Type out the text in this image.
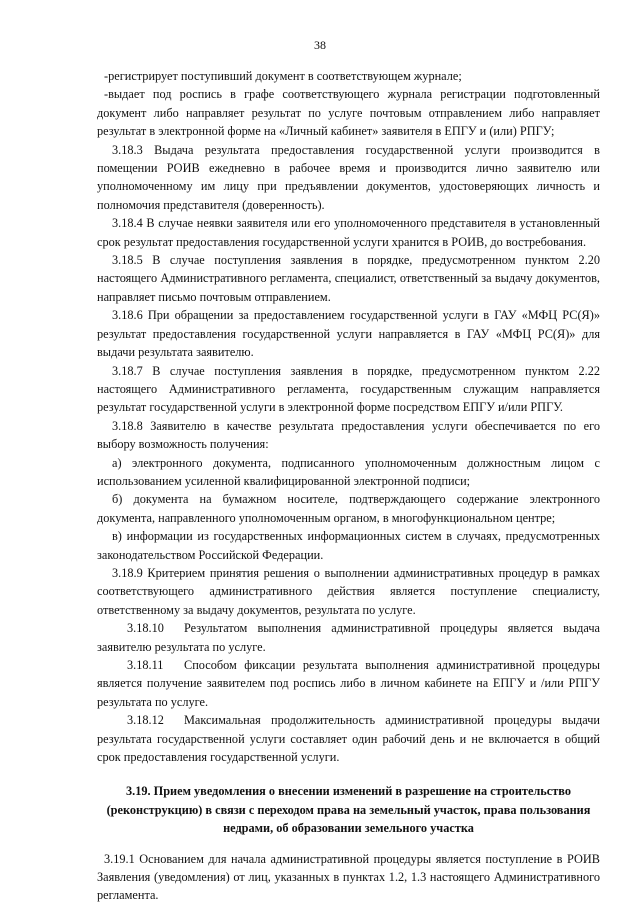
38

-регистрирует поступивший документ в соответствующем журнале;

-выдает под роспись в графе соответствующего журнала регистрации подготовленный документ либо направляет результат по услуге почтовым отправлением либо направляет результат в электронной форме на «Личный кабинет» заявителя в ЕПГУ и (или) РПГУ;

3.18.3 Выдача результата предоставления государственной услуги производится в помещении РОИВ ежедневно в рабочее время и производится лично заявителю или уполномоченному им лицу при предъявлении документов, удостоверяющих личность и полномочия представителя (доверенность).

3.18.4 В случае неявки заявителя или его уполномоченного представителя в установленный срок результат предоставления государственной услуги хранится в РОИВ, до востребования.

3.18.5 В случае поступления заявления в порядке, предусмотренном пунктом 2.20 настоящего Административного регламента, специалист, ответственный за выдачу документов, направляет письмо почтовым отправлением.

3.18.6 При обращении за предоставлением государственной услуги в ГАУ «МФЦ РС(Я)» результат предоставления государственной услуги направляется в ГАУ «МФЦ РС(Я)» для выдачи результата заявителю.

3.18.7 В случае поступления заявления в порядке, предусмотренном пунктом 2.22 настоящего Административного регламента, государственным служащим направляется результат государственной услуги в электронной форме посредством ЕПГУ и/или РПГУ.

3.18.8 Заявителю в качестве результата предоставления услуги обеспечивается по его выбору возможность получения:

а) электронного документа, подписанного уполномоченным должностным лицом с использованием усиленной квалифицированной электронной подписи;

б) документа на бумажном носителе, подтверждающего содержание электронного документа, направленного уполномоченным органом, в многофункциональном центре;

в) информации из государственных информационных систем в случаях, предусмотренных законодательством Российской Федерации.

3.18.9 Критерием принятия решения о выполнении административных процедур в рамках соответствующего административного действия является поступление специалисту, ответственному за выдачу документов, результата по услуге.

3.18.10 Результатом выполнения административной процедуры является выдача заявителю результата по услуге.

3.18.11 Способом фиксации результата выполнения административной процедуры является получение заявителем под роспись либо в личном кабинете на ЕПГУ и /или РПГУ результата по услуге.

3.18.12 Максимальная продолжительность административной процедуры выдачи результата государственной услуги составляет один рабочий день и не включается в общий срок предоставления государственной услуги.

3.19. Прием уведомления о внесении изменений в разрешение на строительство (реконструкцию) в связи с переходом права на земельный участок, права пользования недрами, об образовании земельного участка

3.19.1 Основанием для начала административной процедуры является поступление в РОИВ Заявления (уведомления) от лиц, указанных в пунктах 1.2, 1.3 настоящего Административного регламента.
